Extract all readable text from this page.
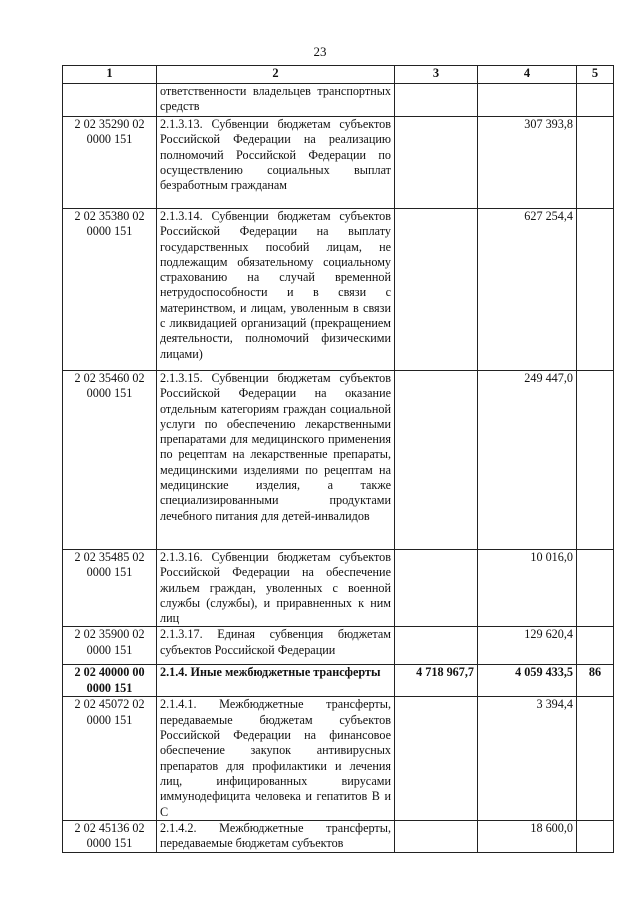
23
1	2	3	4	5
	ответственности владельцев транспортных средств			
2 02 35290 02 0000 151	2.1.3.13. Субвенции бюджетам субъектов Российской Федерации на реализацию полномочий Российской Федерации по осуществлению социальных выплат безработным гражданам		307 393,8	
2 02 35380 02 0000 151	2.1.3.14. Субвенции бюджетам субъектов Российской Федерации на выплату государственных пособий лицам, не подлежащим обязательному социальному страхованию на случай временной нетрудоспособности и в связи с материнством, и лицам, уволенным в связи с ликвидацией организаций (прекращением деятельности, полномочий физическими лицами)		627 254,4	
2 02 35460 02 0000 151	2.1.3.15. Субвенции бюджетам субъектов Российской Федерации на оказание отдельным категориям граждан социальной услуги по обеспечению лекарственными препаратами для медицинского применения по рецептам на лекарственные препараты, медицинскими изделиями по рецептам на медицинские изделия, а также специализированными продуктами лечебного питания для детей-инвалидов		249 447,0	
2 02 35485 02 0000 151	2.1.3.16. Субвенции бюджетам субъектов Российской Федерации на обеспечение жильем граждан, уволенных с военной службы (службы), и приравненных к ним лиц		10 016,0	
2 02 35900 02 0000 151	2.1.3.17. Единая субвенция бюджетам субъектов Российской Федерации		129 620,4	
2 02 40000 00 0000 151	2.1.4. Иные межбюджетные трансферты	4 718 967,7	4 059 433,5	86
2 02 45072 02 0000 151	2.1.4.1. Межбюджетные трансферты, передаваемые бюджетам субъектов Российской Федерации на финансовое обеспечение закупок антивирусных препаратов для профилактики и лечения лиц, инфицированных вирусами иммунодефицита человека и гепатитов В и С		3 394,4	
2 02 45136 02 0000 151	2.1.4.2. Межбюджетные трансферты, передаваемые бюджетам субъектов		18 600,0	
